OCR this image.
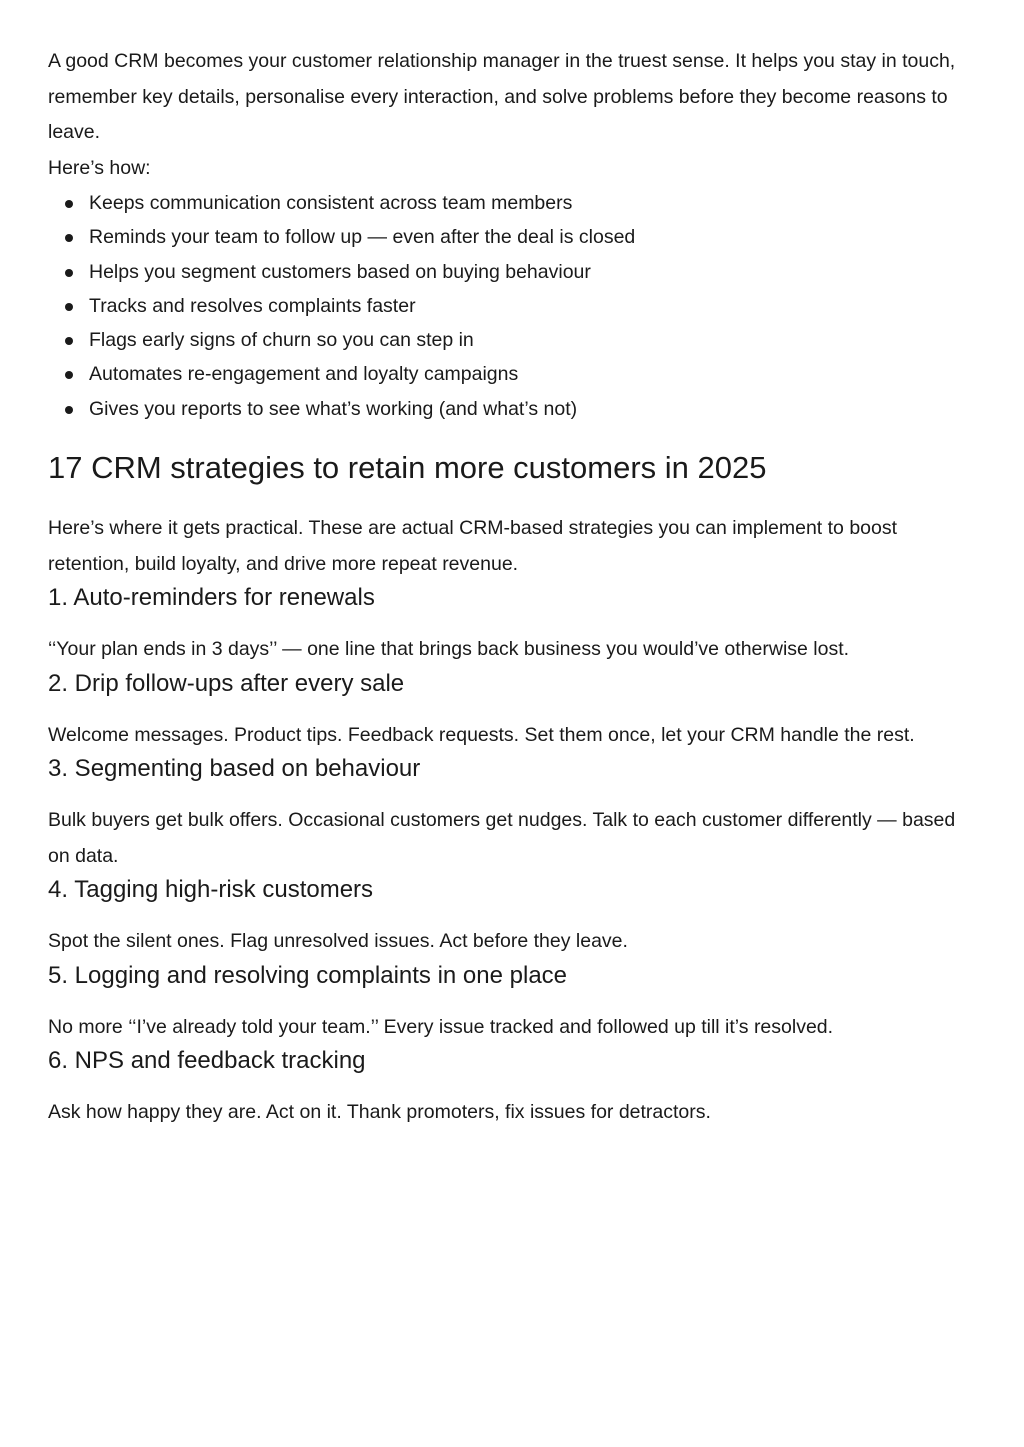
A good CRM becomes your customer relationship manager in the truest sense. It helps you stay in touch, remember key details, personalise every interaction, and solve problems before they become reasons to leave.

Here’s how:

Keeps communication consistent across team members
Reminds your team to follow up — even after the deal is closed
Helps you segment customers based on buying behaviour
Tracks and resolves complaints faster
Flags early signs of churn so you can step in
Automates re-engagement and loyalty campaigns
Gives you reports to see what’s working (and what’s not)
17 CRM strategies to retain more customers in 2025

Here’s where it gets practical. These are actual CRM-based strategies you can implement to boost retention, build loyalty, and drive more repeat revenue.

1. Auto-reminders for renewals

‘‘Your plan ends in 3 days’’ — one line that brings back business you would’ve otherwise lost.

2. Drip follow-ups after every sale

Welcome messages. Product tips. Feedback requests. Set them once, let your CRM handle the rest.

3. Segmenting based on behaviour

Bulk buyers get bulk offers. Occasional customers get nudges. Talk to each customer differently — based on data.

4. Tagging high-risk customers

Spot the silent ones. Flag unresolved issues. Act before they leave.

5. Logging and resolving complaints in one place

No more ‘‘I’ve already told your team.’’ Every issue tracked and followed up till it’s resolved.

6. NPS and feedback tracking

Ask how happy they are. Act on it. Thank promoters, fix issues for detractors.
